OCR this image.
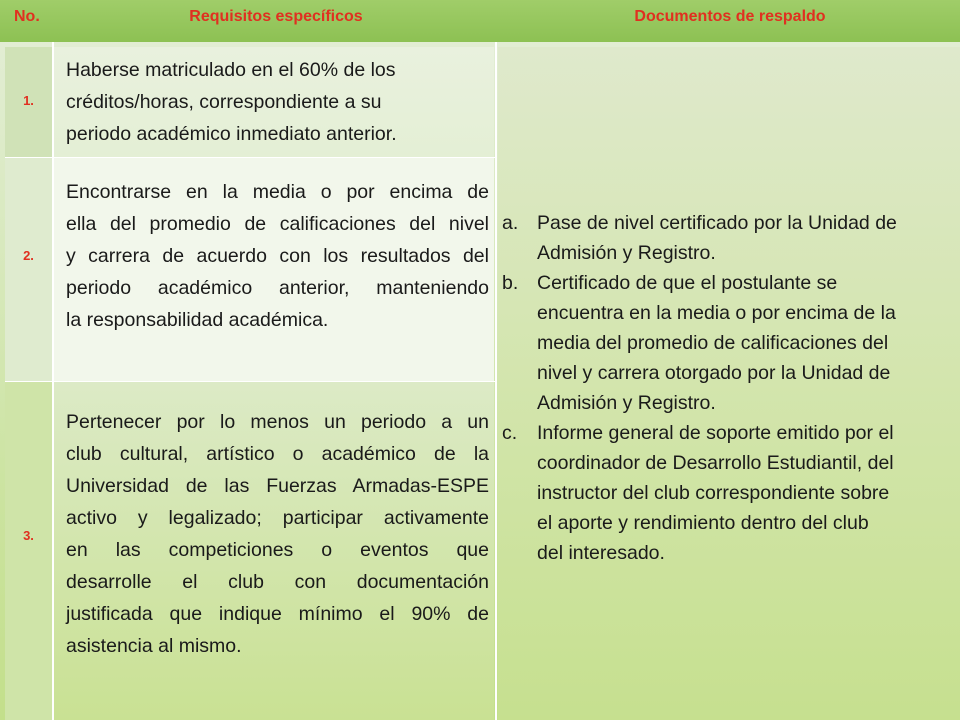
No.	Requisitos específicos	Documentos de respaldo
1.
2.
3.
Haberse matriculado en el 60% de los
créditos/horas, correspondiente a su
periodo académico inmediato anterior.
Encontrarse en la media o por encima de
ella del promedio de calificaciones del nivel
y carrera de acuerdo con los resultados del
periodo académico anterior, manteniendo
la responsabilidad académica.
Pertenecer por lo menos un periodo a un
club cultural, artístico o académico de la
Universidad de las Fuerzas Armadas-ESPE
activo y legalizado; participar activamente
en las competiciones o eventos que
desarrolle el club con documentación
justificada que indique mínimo el 90% de
asistencia al mismo.
a. Pase de nivel certificado por la Unidad de
Admisión y Registro.
b. Certificado de que el postulante se
encuentra en la media o por encima de la
media del promedio de calificaciones del
nivel y carrera otorgado por la Unidad de
Admisión y Registro.
c. Informe general de soporte emitido por el
coordinador de Desarrollo Estudiantil, del
instructor del club correspondiente sobre
el aporte y rendimiento dentro del club
del interesado.
